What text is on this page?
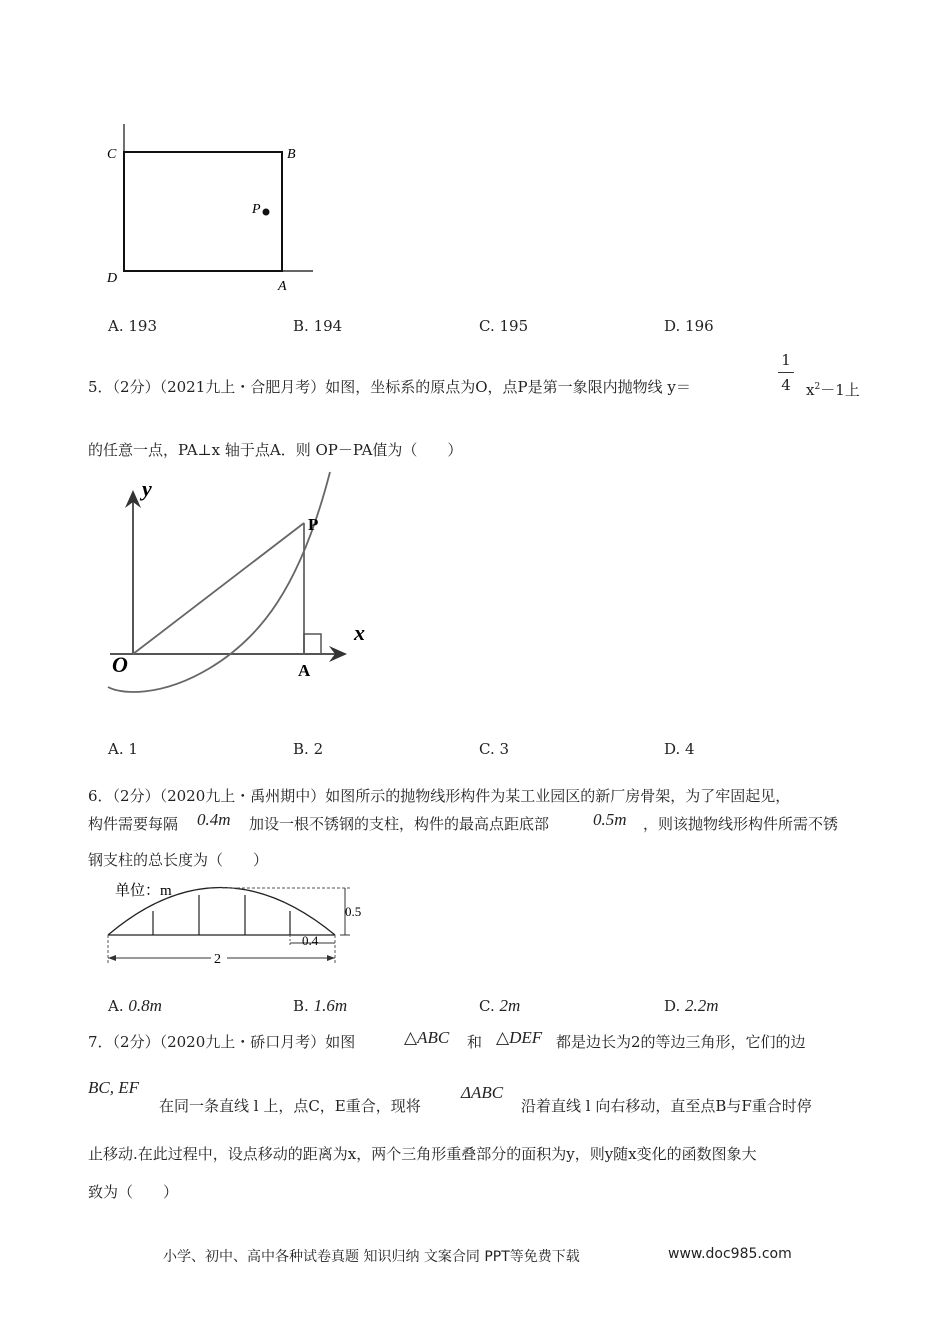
C	B
D
A
P
A. 193	B. 194	C. 195	D. 196
5．（2分）（2021九上・合肥月考）如图，坐标系的原点为O，点P是第一象限内抛物线 y＝
1
4	$x^2-1$上
的任意一点，PA⊥x 轴于点A．则 OP－PA值为（　　）
y
x
O
P
A
A. 1	B. 2	C. 3	D. 4
6．（2分）（2020九上・禹州期中）如图所示的抛物线形构件为某工业园区的新厂房骨架，为了牢固起见，
构件需要每隔 0.4m 加设一根不锈钢的支柱，构件的最高点距底部	0.5m ，则该抛物线形构件所需不锈
钢支柱的总长度为（　　）
单位：m
0.5
0.4
2
A. 0.8m	B. 1.6m	C. 2m	D. 2.2m
7．（2分）（2020九上・硚口月考）如图	△ABC 和 △DEF 都是边长为2的等边三角形，它们的边
BC, EF
在同一条直线 l 上，点C，E重合，现将
ΔABC
沿着直线 l 向右移动，直至点B与F重合时停
止移动.在此过程中，设点移动的距离为x，两个三角形重叠部分的面积为y，则y随x变化的函数图象大
致为（　　）
小学、初中、高中各种试卷真题 知识归纳 文案合同 PPT等免费下载	www.doc985.com
